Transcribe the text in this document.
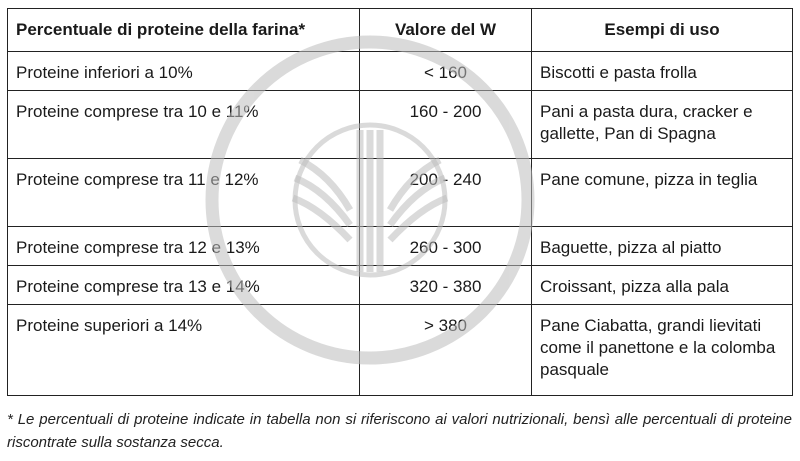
Percentuale di proteine della farina*	Valore del W	Esempi di uso
Proteine inferiori a 10%	< 160	Biscotti e pasta frolla
Proteine comprese tra 10 e 11%	160 - 200	Pani a pasta dura, cracker e gallette, Pan di Spagna
Proteine comprese tra 11 e 12%	200 - 240	Pane comune, pizza in teglia
Proteine comprese tra 12 e 13%	260 - 300	Baguette, pizza al piatto
Proteine comprese tra 13 e 14%	320 - 380	Croissant, pizza alla pala
Proteine superiori a 14%	> 380	Pane Ciabatta, grandi lievitati come il panettone e la colomba pasquale

* Le percentuali di proteine indicate in tabella non si riferiscono ai valori nutrizionali, bensì alle percentuali di proteine riscontrate sulla sostanza secca.
